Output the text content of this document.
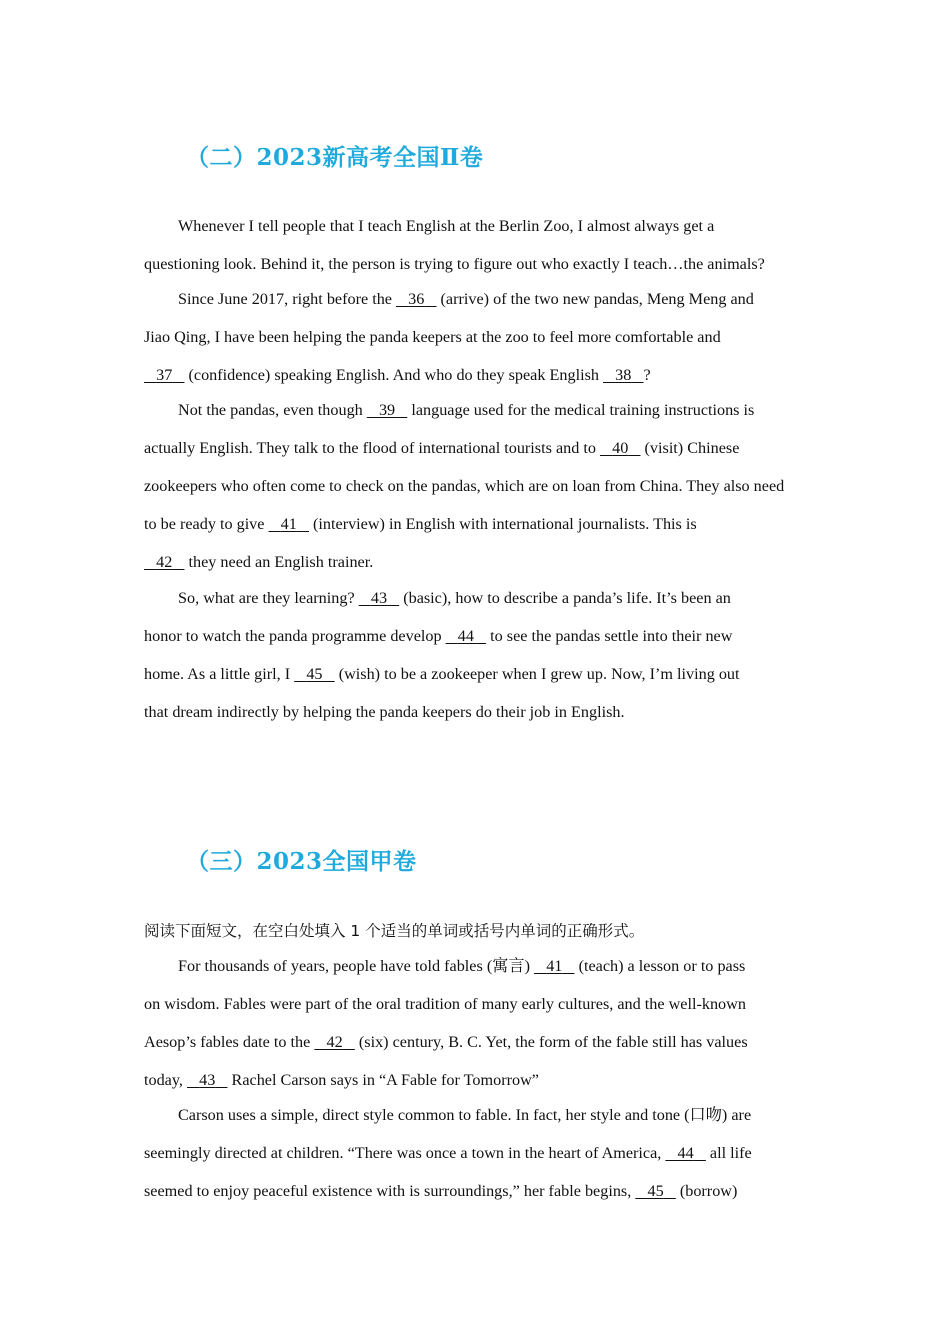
（二）2023新高考全国Ⅱ卷

Whenever I tell people that I teach English at the Berlin Zoo, I almost always get a

questioning look. Behind it, the person is trying to figure out who exactly I teach…the animals?

Since June 2017, right before the 36 (arrive) of the two new pandas, Meng Meng and

Jiao Qing, I have been helping the panda keepers at the zoo to feel more comfortable and

37 (confidence) speaking English. And who do they speak English 38 ?

Not the pandas, even though 39 language used for the medical training instructions is

actually English. They talk to the flood of international tourists and to 40 (visit) Chinese

zookeepers who often come to check on the pandas, which are on loan from China. They also need

to be ready to give 41 (interview) in English with international journalists. This is

42 they need an English trainer.

So, what are they learning? 43 (basic), how to describe a panda’s life. It’s been an

honor to watch the panda programme develop 44 to see the pandas settle into their new

home. As a little girl, I 45 (wish) to be a zookeeper when I grew up. Now, I’m living out

that dream indirectly by helping the panda keepers do their job in English.

（三）2023全国甲卷

阅读下面短文，在空白处填入 1 个适当的单词或括号内单词的正确形式。

For thousands of years, people have told fables (寓言) 41 (teach) a lesson or to pass

on wisdom. Fables were part of the oral tradition of many early cultures, and the well-known

Aesop’s fables date to the 42 (six) century, B. C. Yet, the form of the fable still has values

today, 43 Rachel Carson says in “A Fable for Tomorrow”

Carson uses a simple, direct style common to fable. In fact, her style and tone (口吻) are

seemingly directed at children. “There was once a town in the heart of America, 44 all life

seemed to enjoy peaceful existence with is surroundings,” her fable begins, 45 (borrow)
